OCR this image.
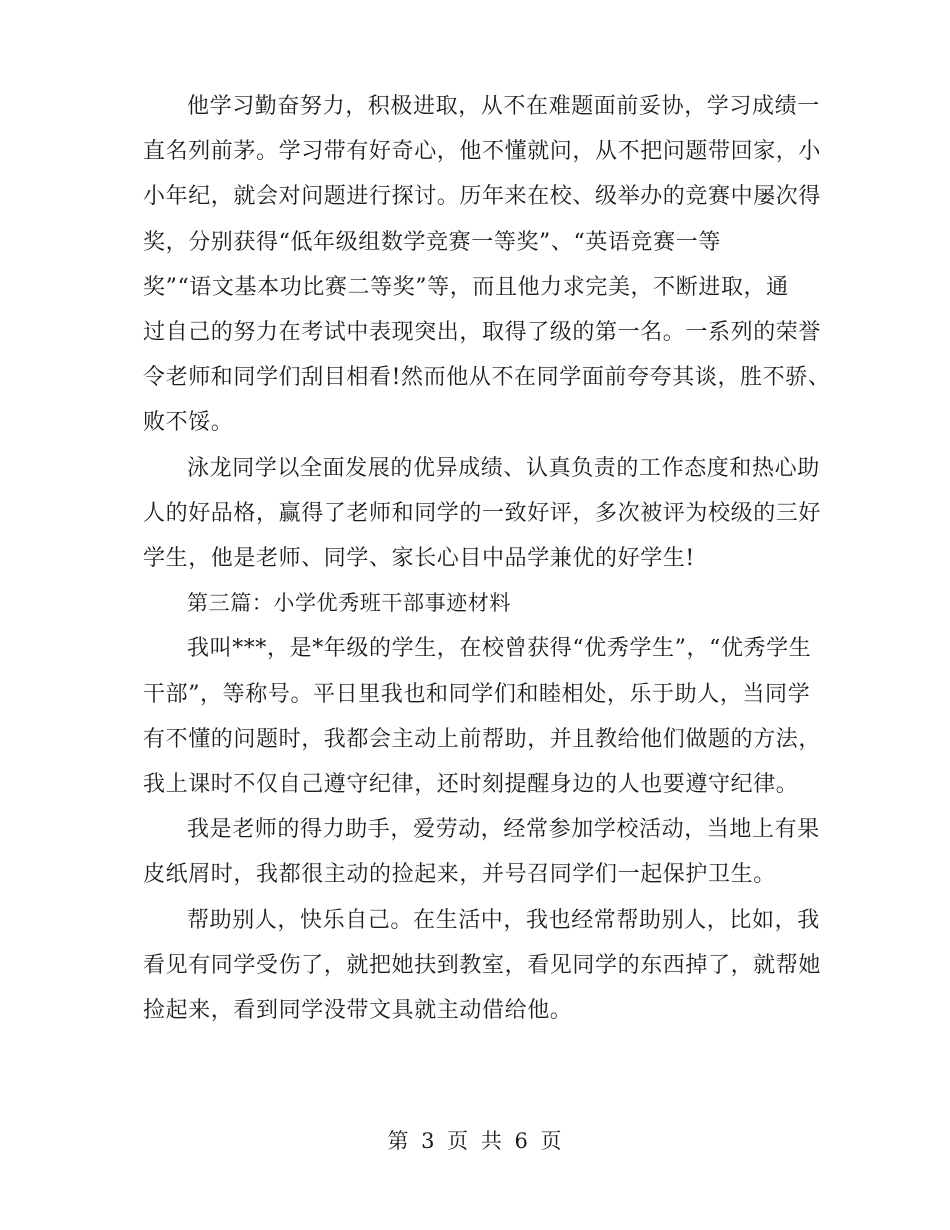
他学习勤奋努力，积极进取，从不在难题面前妥协，学习成绩一
直名列前茅。学习带有好奇心，他不懂就问，从不把问题带回家，小
小年纪，就会对问题进行探讨。历年来在校、级举办的竞赛中屡次得
奖，分别获得“低年级组数学竞赛一等奖”、“英语竞赛一等
奖”“语文基本功比赛二等奖”等，而且他力求完美，不断进取，通
过自己的努力在考试中表现突出，取得了级的第一名。一系列的荣誉
令老师和同学们刮目相看!然而他从不在同学面前夸夸其谈，胜不骄、
败不馁。
泳龙同学以全面发展的优异成绩、认真负责的工作态度和热心助
人的好品格，赢得了老师和同学的一致好评，多次被评为校级的三好
学生，他是老师、同学、家长心目中品学兼优的好学生!
第三篇：小学优秀班干部事迹材料
我叫***，是*年级的学生，在校曾获得“优秀学生”，“优秀学生
干部”，等称号。平日里我也和同学们和睦相处，乐于助人，当同学
有不懂的问题时，我都会主动上前帮助，并且教给他们做题的方法，
我上课时不仅自己遵守纪律，还时刻提醒身边的人也要遵守纪律。
我是老师的得力助手，爱劳动，经常参加学校活动，当地上有果
皮纸屑时，我都很主动的捡起来，并号召同学们一起保护卫生。
帮助别人，快乐自己。在生活中，我也经常帮助别人，比如，我
看见有同学受伤了，就把她扶到教室，看见同学的东西掉了，就帮她
捡起来，看到同学没带文具就主动借给他。
第 3 页 共 6 页
